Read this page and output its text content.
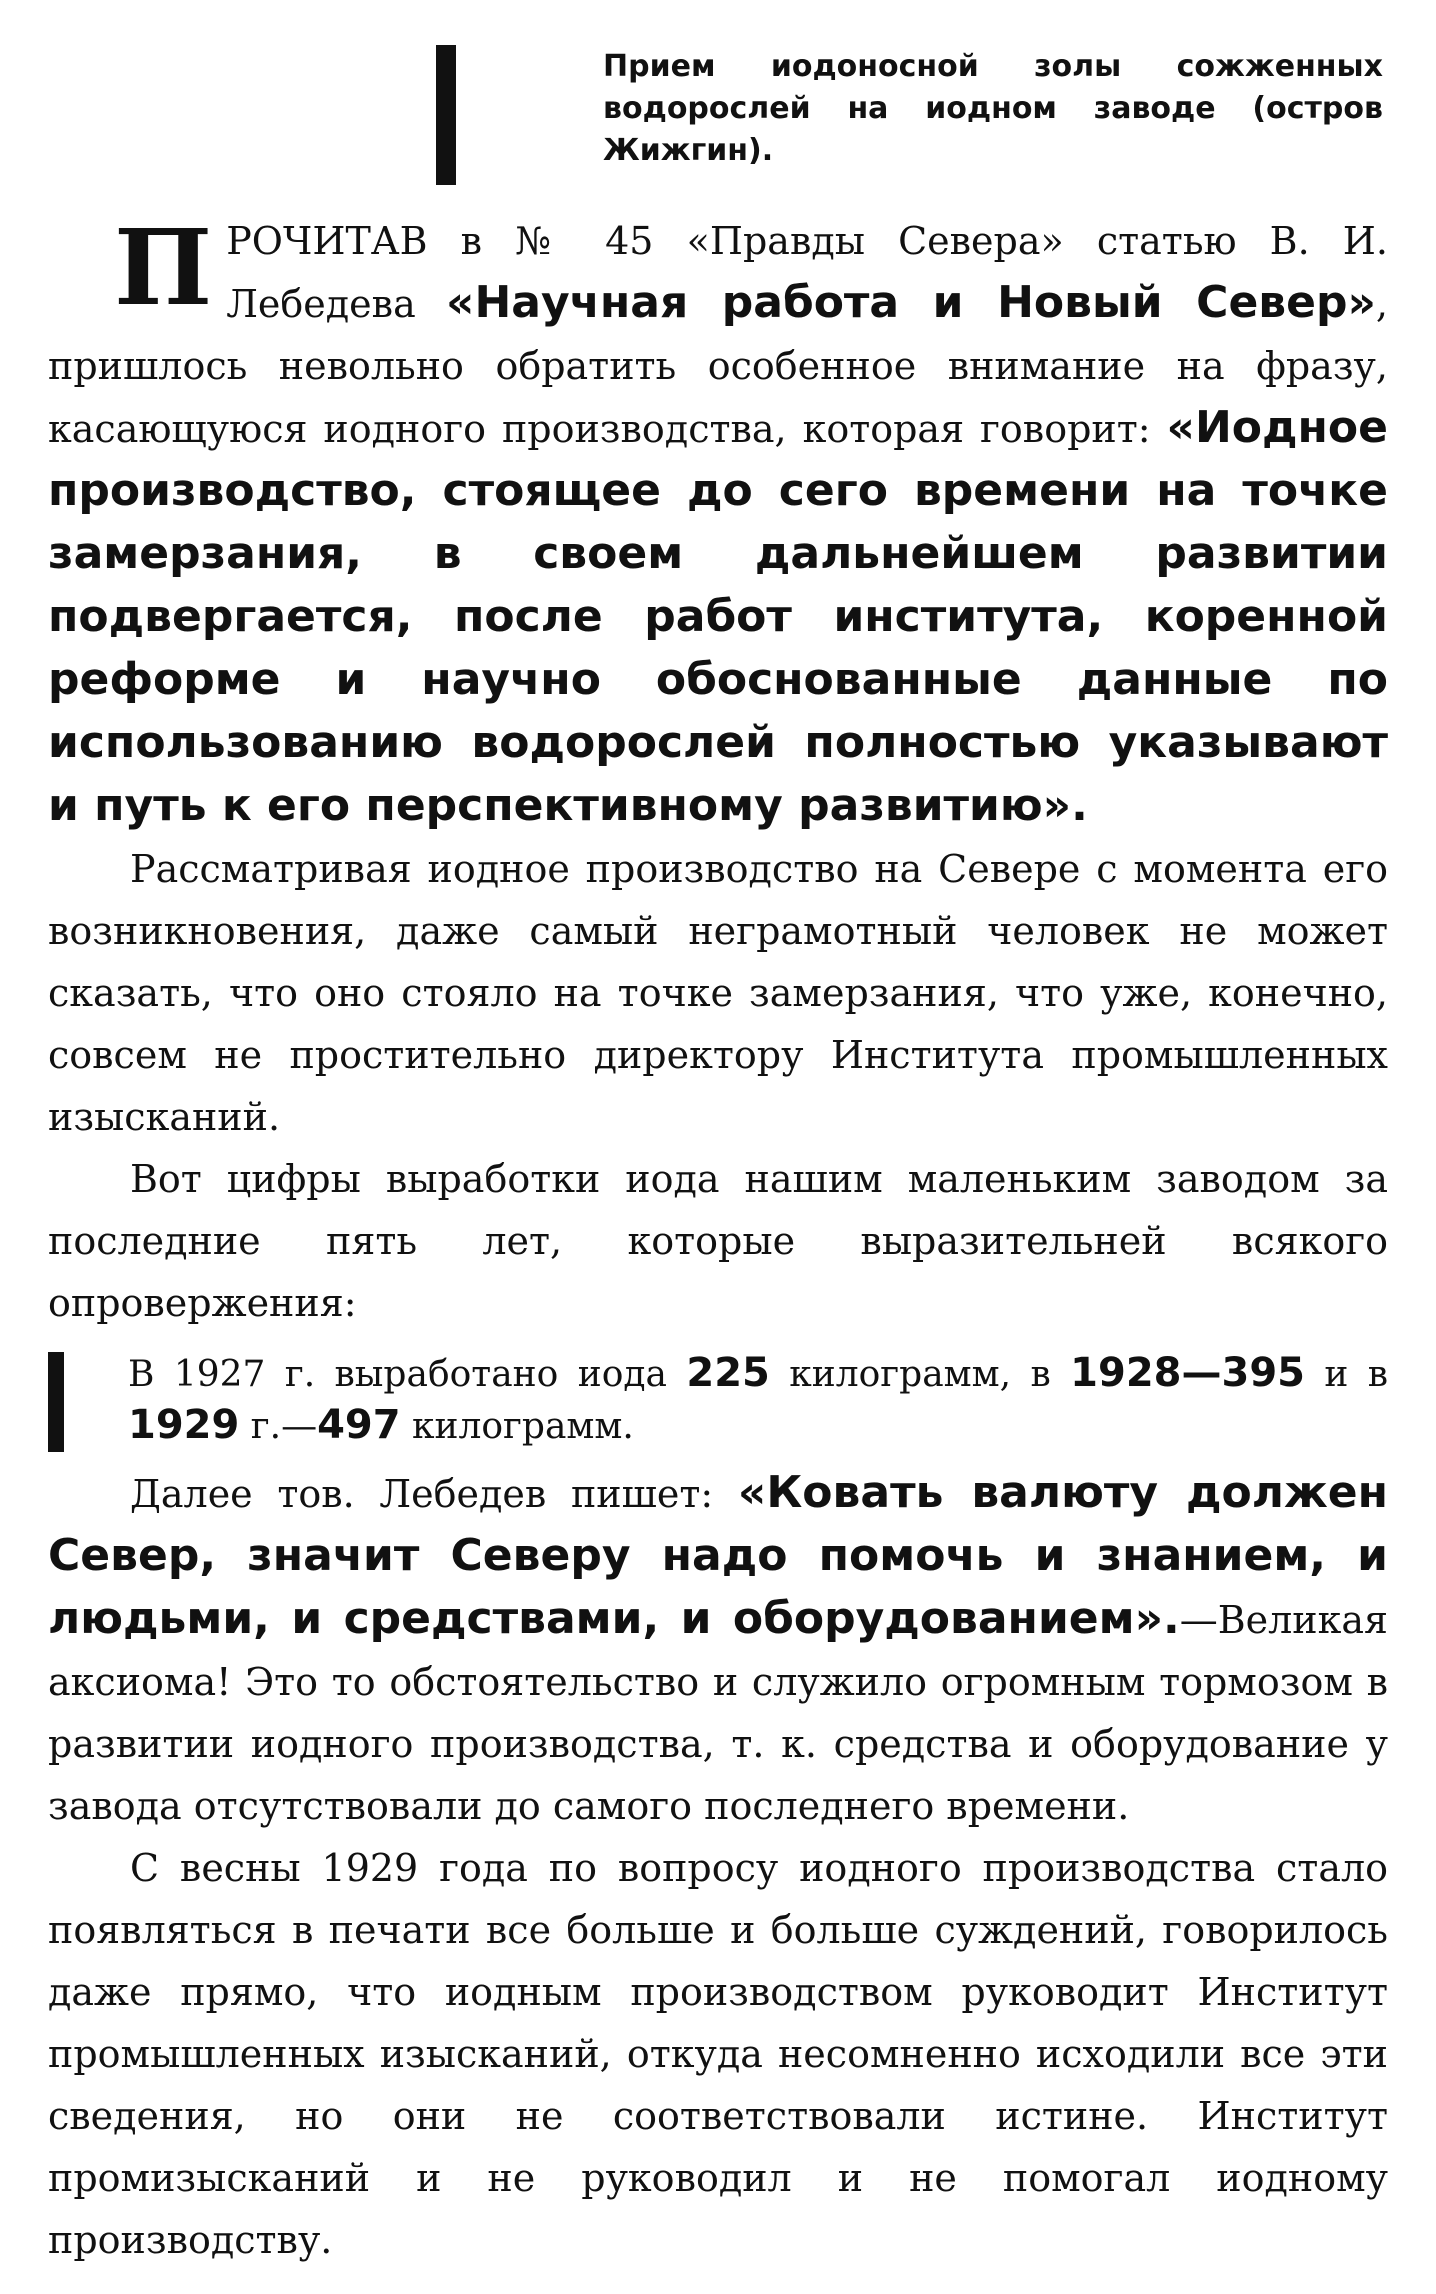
Прием иодоносной золы сожженных водорослей на иодном заводе (остров Жижгин).

ПРОЧИТАВ в № 45 «Правды Севера» статью В. И. Лебедева «Научная работа и Новый Север», пришлось невольно обратить особенное внимание на фразу, касающуюся иодного производства, которая говорит: «Иодное производство, стоящее до сего времени на точке замерзания, в своем дальнейшем развитии подвергается, после работ института, коренной реформе и научно обоснованные данные по использованию водорослей полностью указывают и путь к его перспективному развитию».

Рассматривая иодное производство на Севере с момента его возникновения, даже самый неграмотный человек не может сказать, что оно стояло на точке замерзания, что уже, конечно, совсем не простительно директору Института промышленных изысканий.

Вот цифры выработки иода нашим маленьким заводом за последние пять лет, которые выразительней всякого опровержения:

В 1927 г. выработано иода 225 килограмм, в 1928—395 и в 1929 г.—497 килограмм.

Далее тов. Лебедев пишет: «Ковать валюту должен Север, значит Северу надо помочь и знанием, и людьми, и средствами, и оборудованием».—Великая аксиома! Это то обстоятельство и служило огромным тормозом в развитии иодного производства, т. к. средства и оборудование у завода отсутствовали до самого последнего времени.

С весны 1929 года по вопросу иодного производства стало появляться в печати все больше и больше суждений, говорилось даже прямо, что иодным производством руководит Институт промышленных изысканий, откуда несомненно исходили все эти сведения, но они не соответствовали истине. Институт промизысканий и не руководил и не помогал иодному производству.
